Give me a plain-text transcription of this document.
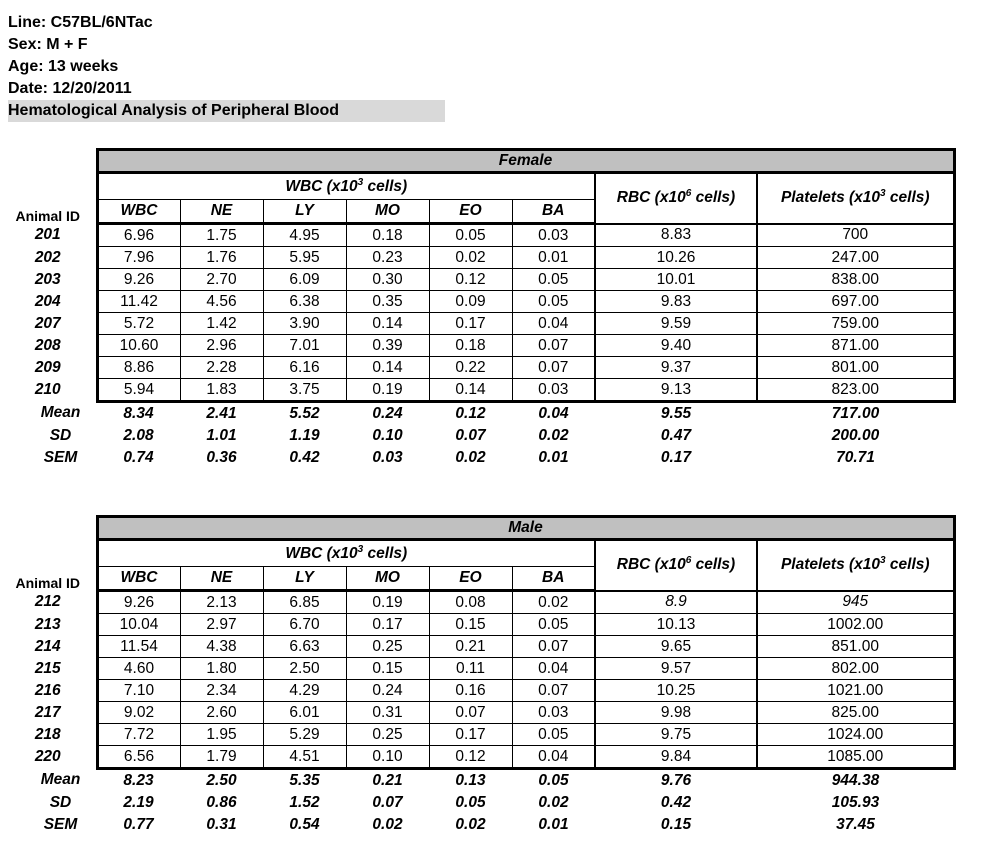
Line: C57BL/6NTac
Sex: M + F
Age: 13 weeks
Date: 12/20/2011
Hematological Analysis of Peripheral Blood
	Female							
	WBC ($x10^3$ cells)						RBC ($x10^6$ cells)	Platelets ($x10^3$ cells)
Animal ID	WBC	NE	LY	MO	EO	BA		
201	6.96	1.75	4.95	0.18	0.05	0.03	8.83	700
202	7.96	1.76	5.95	0.23	0.02	0.01	10.26	247.00
203	9.26	2.70	6.09	0.30	0.12	0.05	10.01	838.00
204	11.42	4.56	6.38	0.35	0.09	0.05	9.83	697.00
207	5.72	1.42	3.90	0.14	0.17	0.04	9.59	759.00
208	10.60	2.96	7.01	0.39	0.18	0.07	9.40	871.00
209	8.86	2.28	6.16	0.14	0.22	0.07	9.37	801.00
210	5.94	1.83	3.75	0.19	0.14	0.03	9.13	823.00
Mean	8.34	2.41	5.52	0.24	0.12	0.04	9.55	717.00
SD	2.08	1.01	1.19	0.10	0.07	0.02	0.47	200.00
SEM	0.74	0.36	0.42	0.03	0.02	0.01	0.17	70.71
	Male							
	WBC ($x10^3$ cells)						RBC ($x10^6$ cells)	Platelets ($x10^3$ cells)
Animal ID	WBC	NE	LY	MO	EO	BA		
212	9.26	2.13	6.85	0.19	0.08	0.02	8.9	945
213	10.04	2.97	6.70	0.17	0.15	0.05	10.13	1002.00
214	11.54	4.38	6.63	0.25	0.21	0.07	9.65	851.00
215	4.60	1.80	2.50	0.15	0.11	0.04	9.57	802.00
216	7.10	2.34	4.29	0.24	0.16	0.07	10.25	1021.00
217	9.02	2.60	6.01	0.31	0.07	0.03	9.98	825.00
218	7.72	1.95	5.29	0.25	0.17	0.05	9.75	1024.00
220	6.56	1.79	4.51	0.10	0.12	0.04	9.84	1085.00
Mean	8.23	2.50	5.35	0.21	0.13	0.05	9.76	944.38
SD	2.19	0.86	1.52	0.07	0.05	0.02	0.42	105.93
SEM	0.77	0.31	0.54	0.02	0.02	0.01	0.15	37.45
